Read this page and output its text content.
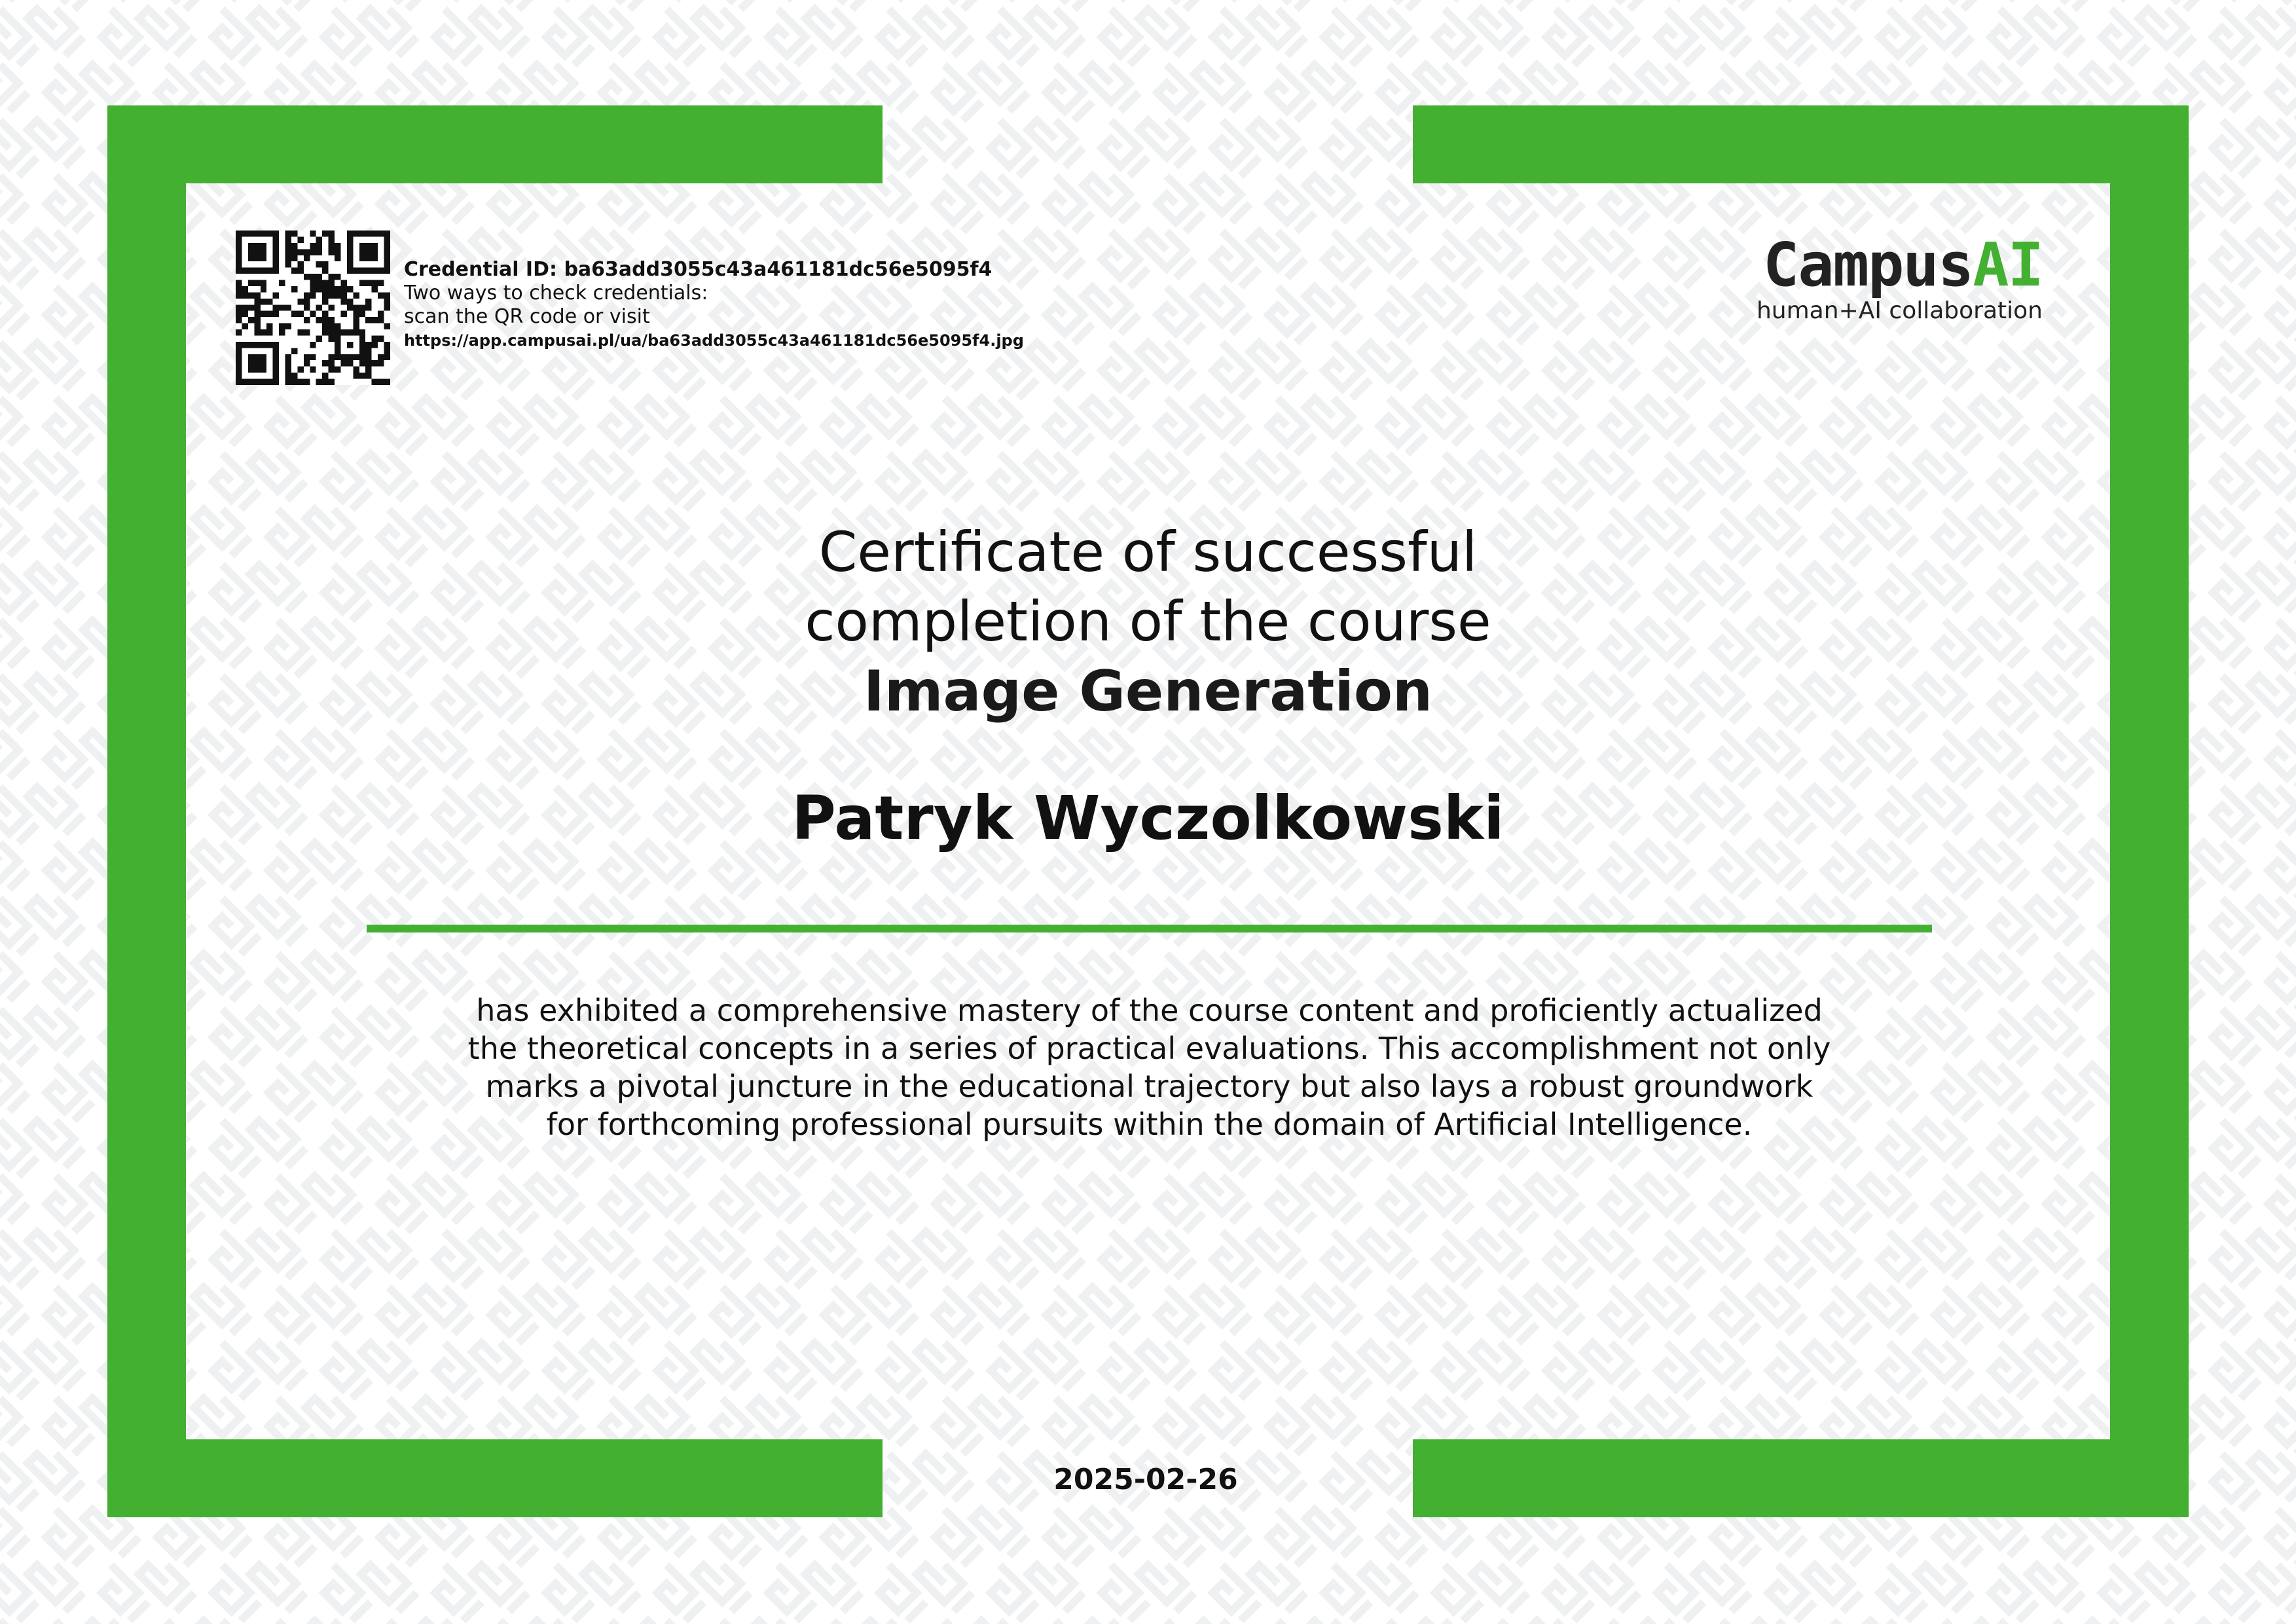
Credential ID: ba63add3055c43a461181dc56e5095f4
Two ways to check credentials:
scan the QR code or visit
https://app.campusai.pl/ua/ba63add3055c43a461181dc56e5095f4.jpg
CampusAI
human+AI collaboration
Certificate of successful
completion of the course
Image Generation
Patryk Wyczolkowski
has exhibited a comprehensive mastery of the course content and proficiently actualized
the theoretical concepts in a series of practical evaluations. This accomplishment not only
marks a pivotal juncture in the educational trajectory but also lays a robust groundwork
for forthcoming professional pursuits within the domain of Artificial Intelligence.
2025-02-26
